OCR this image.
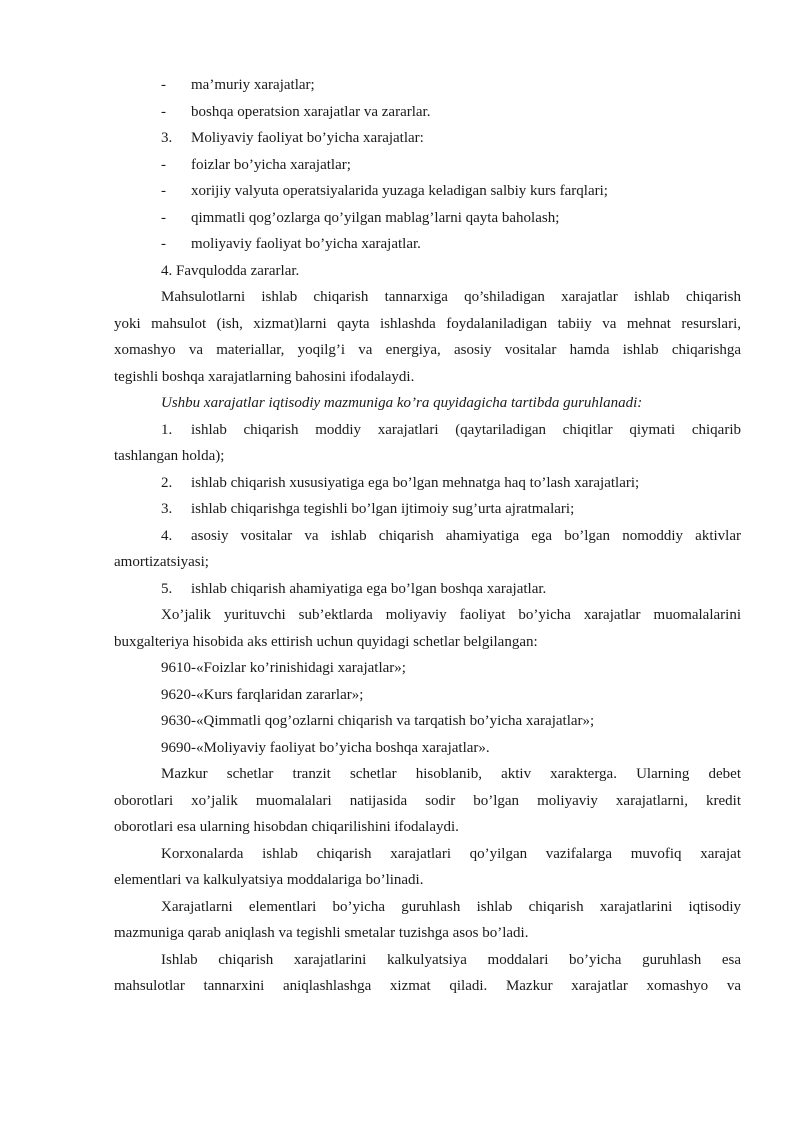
-	ma’muriy xarajatlar;
-	boshqa operatsion xarajatlar va zararlar.
3.	Moliyaviy faoliyat bo’yicha xarajatlar:
-	foizlar bo’yicha xarajatlar;
-	xorijiy valyuta operatsiyalarida yuzaga keladigan salbiy kurs farqlari;
-	qimmatli qog’ozlarga qo’yilgan mablag’larni qayta baholash;
-	moliyaviy faoliyat bo’yicha xarajatlar.
4. Favqulodda zararlar.
Mahsulotlarni ishlab chiqarish tannarxiga qo’shiladigan xarajatlar ishlab chiqarish
yoki mahsulot (ish, xizmat)larni qayta ishlashda foydalaniladigan tabiiy va mehnat resurslari,
xomashyo va materiallar, yoqilg’i va energiya, asosiy vositalar hamda ishlab chiqarishga
tegishli boshqa xarajatlarning bahosini ifodalaydi.
Ushbu xarajatlar iqtisodiy mazmuniga ko’ra quyidagicha tartibda guruhlanadi:
1.	ishlab chiqarish moddiy xarajatlari (qaytariladigan chiqitlar qiymati chiqarib
tashlangan holda);
2.	ishlab chiqarish xususiyatiga ega bo’lgan mehnatga haq to’lash xarajatlari;
3.	ishlab chiqarishga tegishli bo’lgan ijtimoiy sug’urta ajratmalari;
4.	asosiy vositalar va ishlab chiqarish ahamiyatiga ega bo’lgan nomoddiy aktivlar
amortizatsiyasi;
5.	ishlab chiqarish ahamiyatiga ega bo’lgan boshqa xarajatlar.
Xo’jalik yurituvchi sub’ektlarda moliyaviy faoliyat bo’yicha xarajatlar muomalalarini
buxgalteriya hisobida aks ettirish uchun quyidagi schetlar belgilangan:
9610-«Foizlar ko’rinishidagi xarajatlar»;
9620-«Kurs farqlaridan zararlar»;
9630-«Qimmatli qog’ozlarni chiqarish va tarqatish bo’yicha xarajatlar»;
9690-«Moliyaviy faoliyat bo’yicha boshqa xarajatlar».
Mazkur schetlar tranzit schetlar hisoblanib, aktiv xarakterga. Ularning debet
oborotlari xo’jalik muomalalari natijasida sodir bo’lgan moliyaviy xarajatlarni, kredit
oborotlari esa ularning hisobdan chiqarilishini ifodalaydi.
Korxonalarda ishlab chiqarish xarajatlari qo’yilgan vazifalarga muvofiq xarajat
elementlari va kalkulyatsiya moddalariga bo’linadi.
Xarajatlarni elementlari bo’yicha guruhlash ishlab chiqarish xarajatlarini iqtisodiy
mazmuniga qarab aniqlash va tegishli smetalar tuzishga asos bo’ladi.
Ishlab chiqarish xarajatlarini kalkulyatsiya moddalari bo’yicha guruhlash esa
mahsulotlar tannarxini aniqlashlashga xizmat qiladi. Mazkur xarajatlar xomashyo va
